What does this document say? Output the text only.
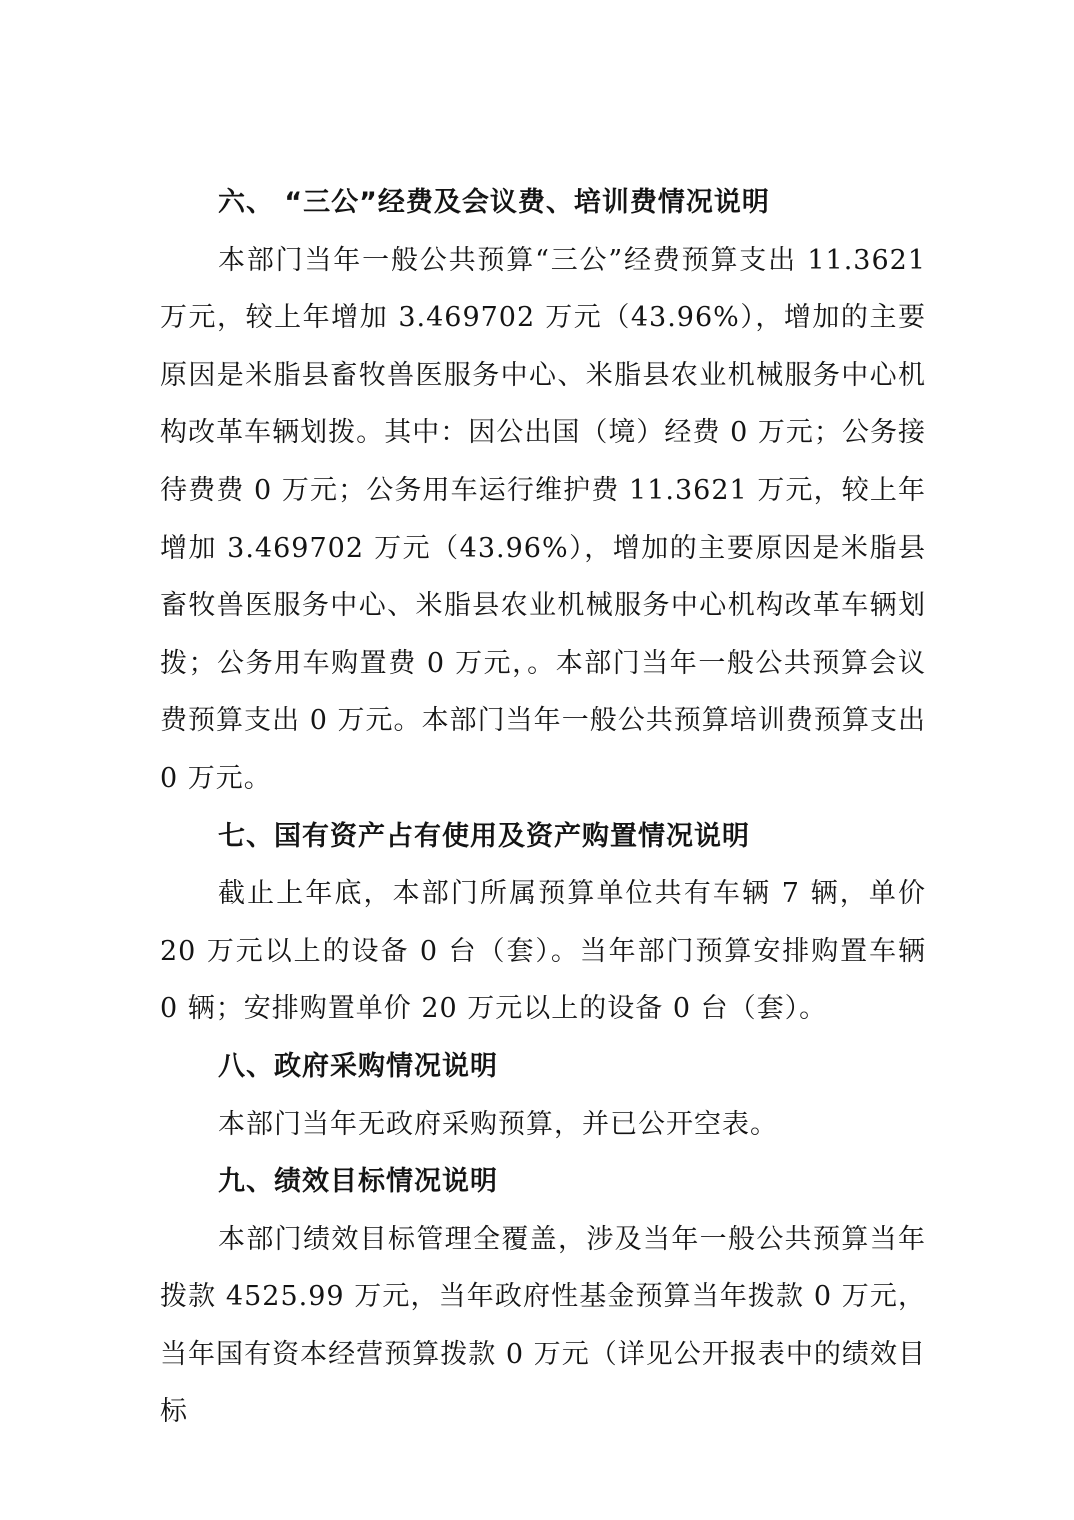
六、 “三公”经费及会议费、培训费情况说明

本部门当年一般公共预算“三公”经费预算支出 11.3621 万元，较上年增加 3.469702 万元（43.96%），增加的主要原因是米脂县畜牧兽医服务中心、米脂县农业机械服务中心机构改革车辆划拨。其中：因公出国（境）经费 0 万元；公务接待费费 0 万元；公务用车运行维护费 11.3621 万元，较上年增加 3.469702 万元（43.96%），增加的主要原因是米脂县畜牧兽医服务中心、米脂县农业机械服务中心机构改革车辆划拨；公务用车购置费 0 万元，。本部门当年一般公共预算会议费预算支出 0 万元。本部门当年一般公共预算培训费预算支出 0 万元。

七、国有资产占有使用及资产购置情况说明

截止上年底，本部门所属预算单位共有车辆 7 辆，单价 20 万元以上的设备 0 台（套）。当年部门预算安排购置车辆 0 辆；安排购置单价 20 万元以上的设备 0 台（套）。

八、政府采购情况说明

本部门当年无政府采购预算，并已公开空表。

九、绩效目标情况说明

本部门绩效目标管理全覆盖，涉及当年一般公共预算当年拨款 4525.99 万元，当年政府性基金预算当年拨款 0 万元，当年国有资本经营预算拨款 0 万元（详见公开报表中的绩效目标
